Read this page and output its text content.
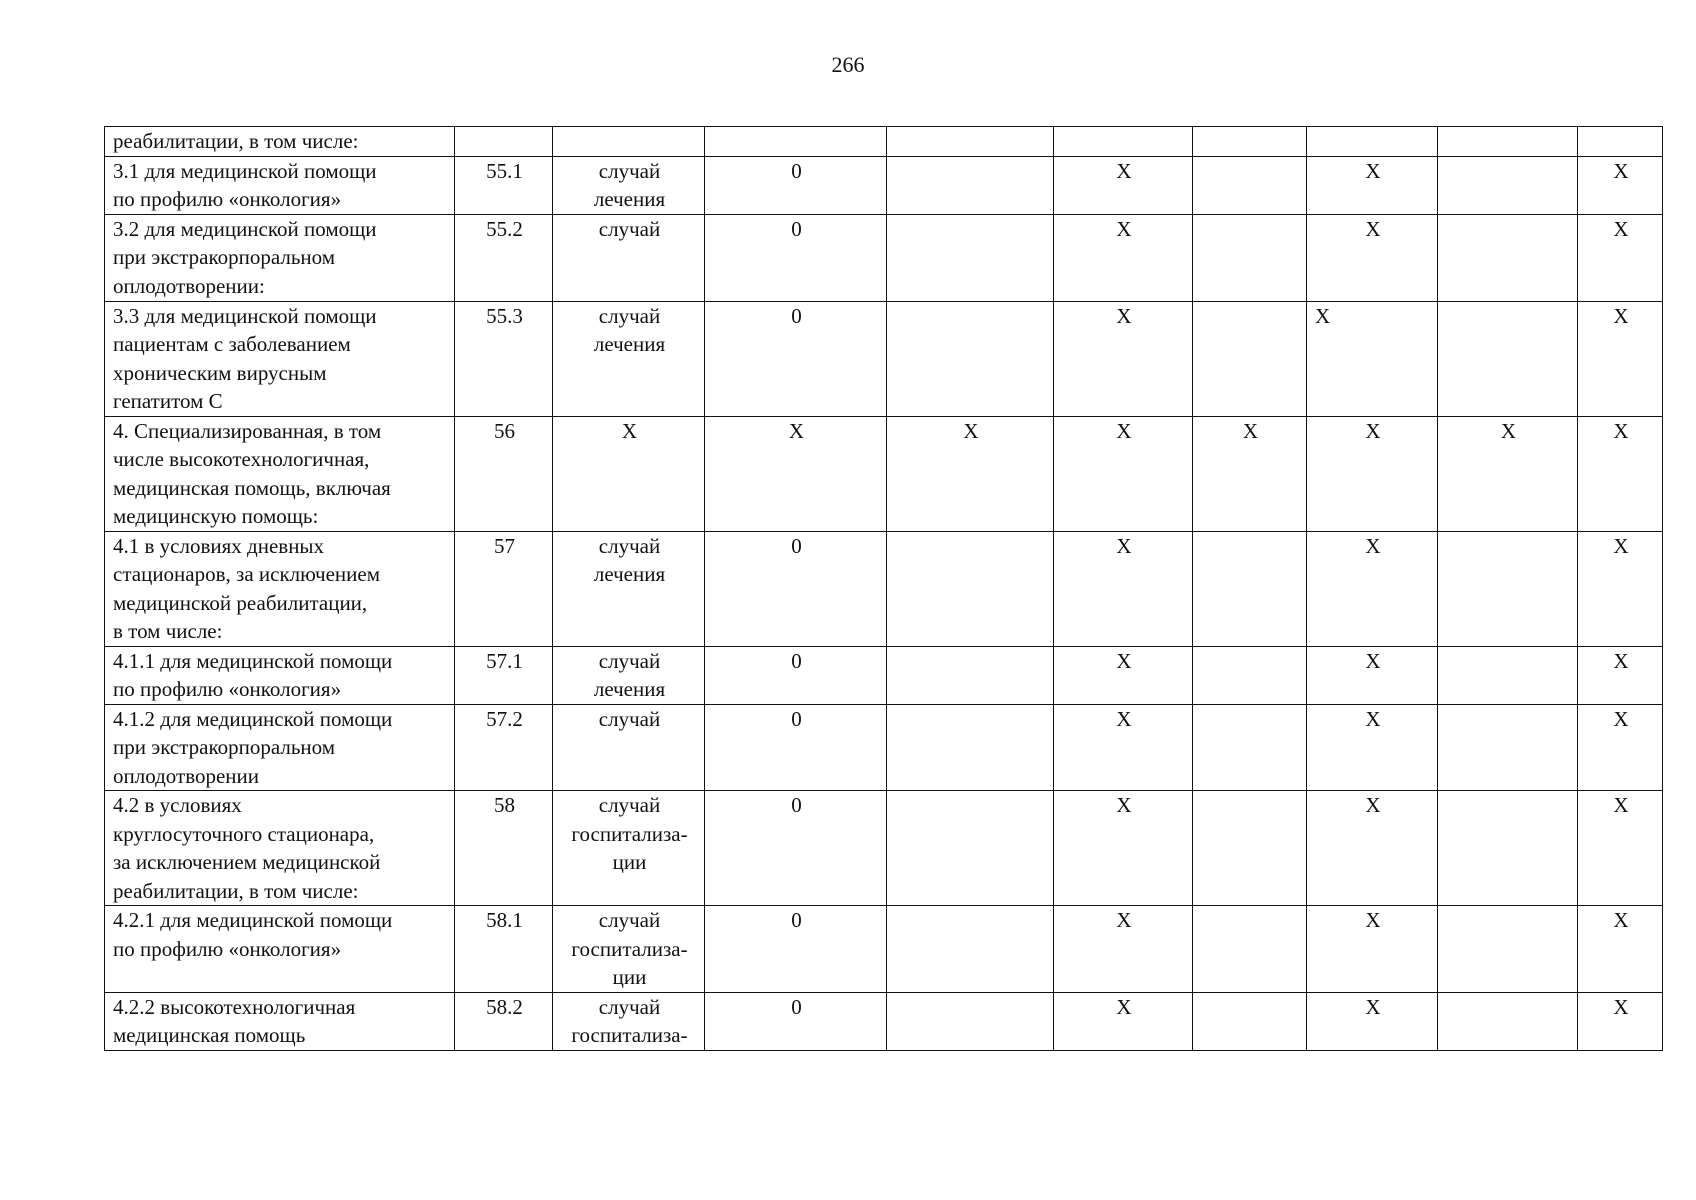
266
реабилитации, в том числе:									

3.1 для медицинской помощи
по профилю «онкология»	55.1	случай
лечения	0		Х		Х		Х

3.2 для медицинской помощи
при экстракорпоральном
оплодотворении:	55.2	случай	0		Х		Х		Х

3.3 для медицинской помощи
пациентам с заболеванием
хроническим вирусным
гепатитом С	55.3	случай
лечения	0		Х		Х		Х

4. Специализированная, в том
числе высокотехнологичная,
медицинская помощь, включая
медицинскую помощь:	56	Х	Х	Х	Х	Х	Х	Х	Х

4.1 в условиях дневных
стационаров, за исключением
медицинской реабилитации,
в том числе:	57	случай
лечения	0		Х		Х		Х

4.1.1 для медицинской помощи
по профилю «онкология»	57.1	случай
лечения	0		Х		Х		Х

4.1.2 для медицинской помощи
при экстракорпоральном
оплодотворении	57.2	случай	0		Х		Х		Х

4.2 в условиях
круглосуточного стационара,
за исключением медицинской
реабилитации, в том числе:	58	случай
госпитализа-
ции	0		Х		Х		Х

4.2.1 для медицинской помощи
по профилю «онкология»	58.1	случай
госпитализа-
ции	0		Х		Х		Х

4.2.2 высокотехнологичная
медицинская помощь	58.2	случай
госпитализа-	0		Х		Х		Х
